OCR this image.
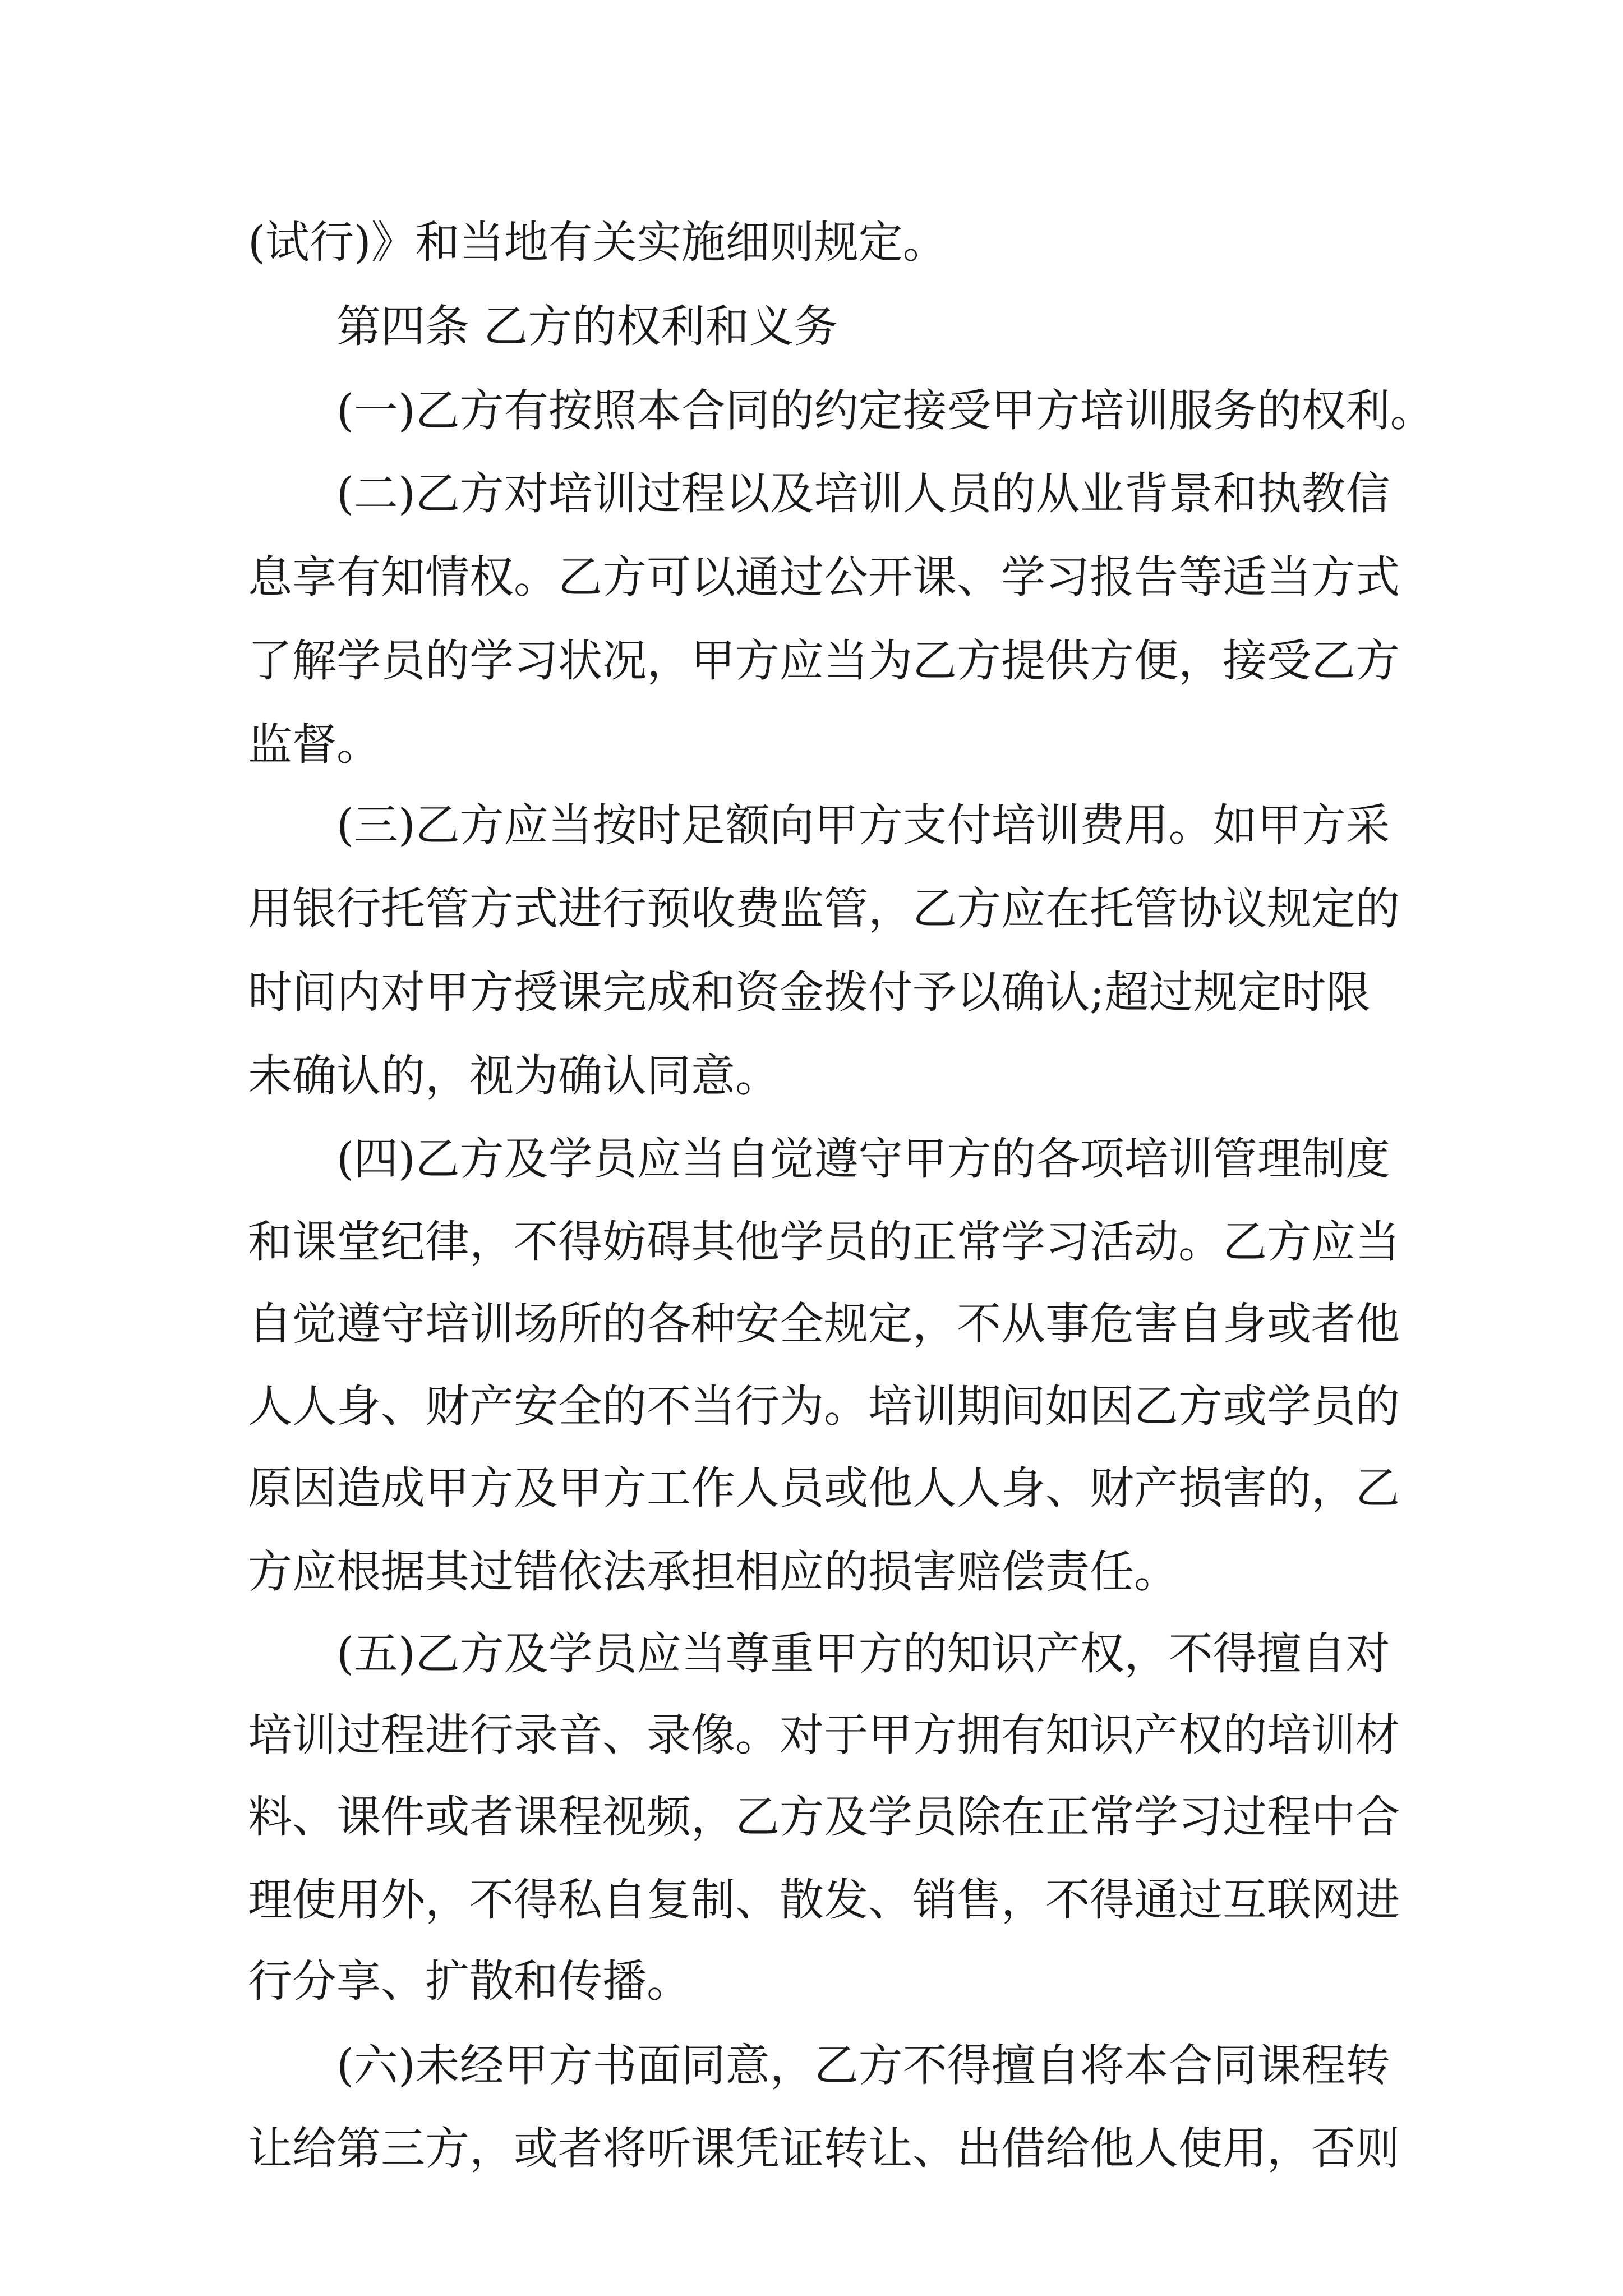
(试行)》和当地有关实施细则规定。
第四条 乙方的权利和义务
(一)乙方有按照本合同的约定接受甲方培训服务的权利。
(二)乙方对培训过程以及培训人员的从业背景和执教信
息享有知情权。乙方可以通过公开课、学习报告等适当方式
了解学员的学习状况，甲方应当为乙方提供方便，接受乙方
监督。
(三)乙方应当按时足额向甲方支付培训费用。如甲方采
用银行托管方式进行预收费监管，乙方应在托管协议规定的
时间内对甲方授课完成和资金拨付予以确认;超过规定时限
未确认的，视为确认同意。
(四)乙方及学员应当自觉遵守甲方的各项培训管理制度
和课堂纪律，不得妨碍其他学员的正常学习活动。乙方应当
自觉遵守培训场所的各种安全规定，不从事危害自身或者他
人人身、财产安全的不当行为。培训期间如因乙方或学员的
原因造成甲方及甲方工作人员或他人人身、财产损害的，乙
方应根据其过错依法承担相应的损害赔偿责任。
(五)乙方及学员应当尊重甲方的知识产权，不得擅自对
培训过程进行录音、录像。对于甲方拥有知识产权的培训材
料、课件或者课程视频，乙方及学员除在正常学习过程中合
理使用外，不得私自复制、散发、销售，不得通过互联网进
行分享、扩散和传播。
(六)未经甲方书面同意，乙方不得擅自将本合同课程转
让给第三方，或者将听课凭证转让、出借给他人使用，否则
